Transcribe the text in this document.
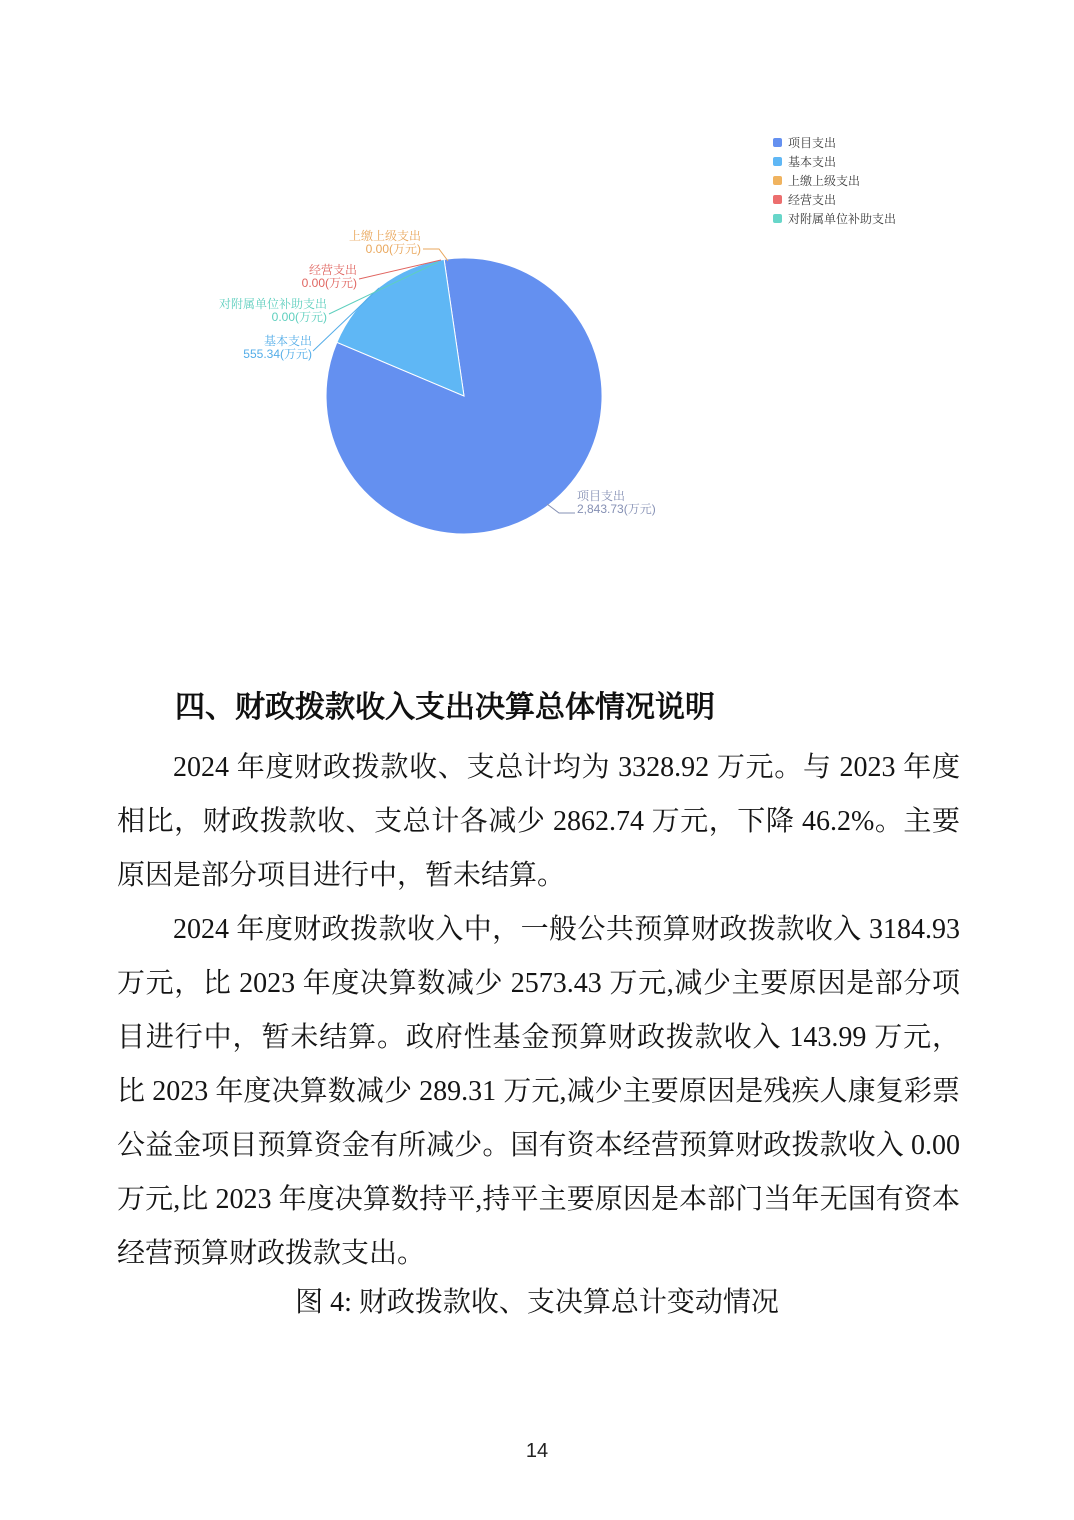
项目支出
基本支出
上缴上级支出
经营支出
对附属单位补助支出
项目支出
2,843.73(万元)
基本支出
555.34(万元)
上缴上级支出
0.00(万元)
经营支出
0.00(万元)
对附属单位补助支出
0.00(万元)
四、财政拨款收入支出决算总体情况说明

2024 年度财政拨款收、支总计均为 3328.92 万元。与 2023 年度相比，财政拨款收、支总计各减少 2862.74 万元，下降 46.2%。主要原因是部分项目进行中，暂未结算。

2024 年度财政拨款收入中，一般公共预算财政拨款收入 3184.93 万元，比 2023 年度决算数减少 2573.43 万元,减少主要原因是部分项目进行中，暂未结算。政府性基金预算财政拨款收入 143.99 万元，比 2023 年度决算数减少 289.31 万元,减少主要原因是残疾人康复彩票公益金项目预算资金有所减少。国有资本经营预算财政拨款收入 0.00 万元,比 2023 年度决算数持平,持平主要原因是本部门当年无国有资本经营预算财政拨款支出。

图 4: 财政拨款收、支决算总计变动情况
14
